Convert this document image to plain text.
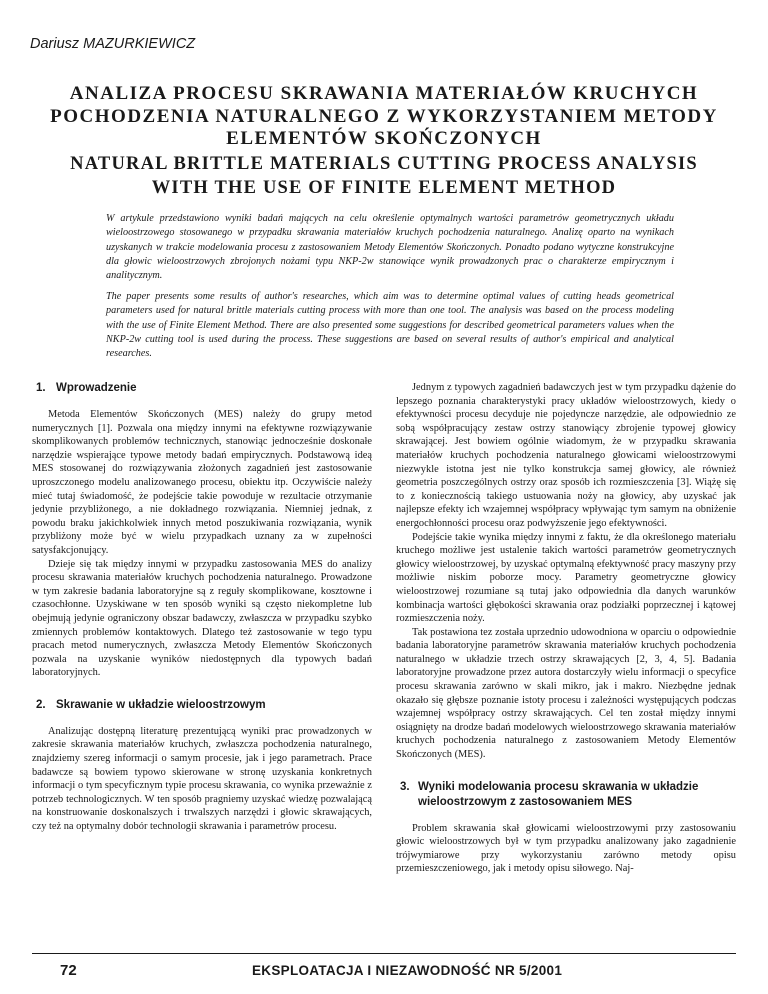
Dariusz MAZURKIEWICZ
ANALIZA PROCESU SKRAWANIA MATERIAŁÓW KRUCHYCH POCHODZENIA NATURALNEGO Z WYKORZYSTANIEM METODY ELEMENTÓW SKOŃCZONYCH
NATURAL BRITTLE MATERIALS CUTTING PROCESS ANALYSIS WITH THE USE OF FINITE ELEMENT METHOD

W artykule przedstawiono wyniki badań mających na celu określenie optymalnych wartości parametrów geometrycznych układu wieloostrzowego stosowanego w przypadku skrawania materiałów kruchych pochodzenia naturalnego. Analizę oparto na wynikach uzyskanych w trakcie modelowania procesu z zastosowaniem Metody Elementów Skończonych. Ponadto podano wytyczne konstrukcyjne dla głowic wieloostrzowych zbrojonych nożami typu NKP-2w stanowiące wynik prowadzonych prac o charakterze empirycznym i analitycznym.

The paper presents some results of author's researches, which aim was to determine optimal values of cutting heads geometrical parameters used for natural brittle materials cutting process with more than one tool. The analysis was based on the process modeling with the use of Finite Element Method. There are also presented some suggestions for described geometrical parameters values when the NKP-2w cutting tool is used during the process. These suggestions are based on several results of author's empirical and analytical researches.

1. Wprowadzenie

Metoda Elementów Skończonych (MES) należy do grupy metod numerycznych [1]. Pozwala ona między innymi na efektywne rozwiązywanie skomplikowanych problemów technicznych, stanowiąc jednocześnie doskonałe narzędzie wspierające typowe metody badań empirycznych. Podstawową ideą MES stosowanej do rozwiązywania złożonych zagadnień jest zastosowanie uproszczonego modelu analizowanego procesu, obiektu itp. Oczywiście należy mieć tutaj świadomość, że podejście takie powoduje w rezultacie otrzymanie jedynie przybliżonego, a nie dokładnego rozwiązania. Niemniej jednak, z powodu braku jakichkolwiek innych metod poszukiwania rozwiązania, wynik przybliżony może być w wielu przypadkach uznany za w zupełności satysfakcjonujący.

Dzieje się tak między innymi w przypadku zastosowania MES do analizy procesu skrawania materiałów kruchych pochodzenia naturalnego. Prowadzone w tym zakresie badania laboratoryjne są z reguły skomplikowane, kosztowne i czasochłonne. Uzyskiwane w ten sposób wyniki są często niekompletne lub obejmują jedynie ograniczony obszar badawczy, zwłaszcza w przypadku szybko zmiennych problemów kontaktowych. Dlatego też zastosowanie w tego typu pracach metod numerycznych, zwłaszcza Metody Elementów Skończonych pozwala na uzyskanie wyników niedostępnych dla typowych badań laboratoryjnych.

2. Skrawanie w układzie wieloostrzowym

Analizując dostępną literaturę prezentującą wyniki prac prowadzonych w zakresie skrawania materiałów kruchych, zwłaszcza pochodzenia naturalnego, znajdziemy szereg informacji o samym procesie, jak i jego parametrach. Prace badawcze są bowiem typowo skierowane w stronę uzyskania konkretnych informacji o tym specyficznym typie procesu skrawania, co wynika przeważnie z potrzeb technologicznych. W ten sposób pragniemy uzyskać wiedzę pozwalającą na konstruowanie doskonalszych i trwalszych narzędzi i głowic skrawających, czy też na optymalny dobór technologii skrawania i parametrów procesu.

Jednym z typowych zagadnień badawczych jest w tym przypadku dążenie do lepszego poznania charakterystyki pracy układów wieloostrzowych, kiedy o efektywności procesu decyduje nie pojedyncze narzędzie, ale odpowiednio ze sobą współpracujący zestaw ostrzy stanowiący zbrojenie typowej głowicy skrawającej. Jest bowiem ogólnie wiadomym, że w przypadku skrawania materiałów kruchych pochodzenia naturalnego głowicami wieloostrzowymi niezwykle istotna jest nie tylko konstrukcja samej głowicy, ale również geometria poszczególnych ostrzy oraz sposób ich rozmieszczenia [3]. Wiążę się to z koniecznością takiego ustuowania noży na głowicy, aby uzyskać jak najlepsze efekty ich wzajemnej współpracy wpływając tym samym na obniżenie energochłonności procesu oraz podwyższenie jego efektywności.

Podejście takie wynika między innymi z faktu, że dla określonego materiału kruchego możliwe jest ustalenie takich wartości parametrów geometrycznych głowicy wieloostrzowej, by uzyskać optymalną efektywność pracy maszyny przy możliwie niskim poborze mocy. Parametry geometryczne głowicy wieloostrzowej rozumiane są tutaj jako odpowiednia dla danych warunków kombinacja wartości głębokości skrawania oraz podziałki poprzecznej i kątowej rozmieszczenia noży.

Tak postawiona tez została uprzednio udowodniona w oparciu o odpowiednie badania laboratoryjne parametrów skrawania materiałów kruchych pochodzenia naturalnego w układzie trzech ostrzy skrawających [2, 3, 4, 5]. Badania laboratoryjne prowadzone przez autora dostarczyły wielu informacji o specyfice procesu skrawania zarówno w skali mikro, jak i makro. Niezbędne jednak okazało się głębsze poznanie istoty procesu i zależności występujących podczas wzajemnej współpracy ostrzy skrawających. Cel ten został między innymi osiągnięty na drodze badań modelowych wieloostrzowego skrawania materiałów kruchych pochodzenia naturalnego z zastosowaniem Metody Elementów Skończonych (MES).

3. Wyniki modelowania procesu skrawania w układzie wieloostrzowym z zastosowaniem MES

Problem skrawania skał głowicami wieloostrzowymi przy zastosowaniu głowic wieloostrzowych był w tym przypadku analizowany jako zagadnienie trójwymiarowe przy wykorzystaniu zarówno metody opisu przemieszczeniowego, jak i metody opisu siłowego. Naj-

72	EKSPLOATACJA I NIEZAWODNOŚĆ NR 5/2001
